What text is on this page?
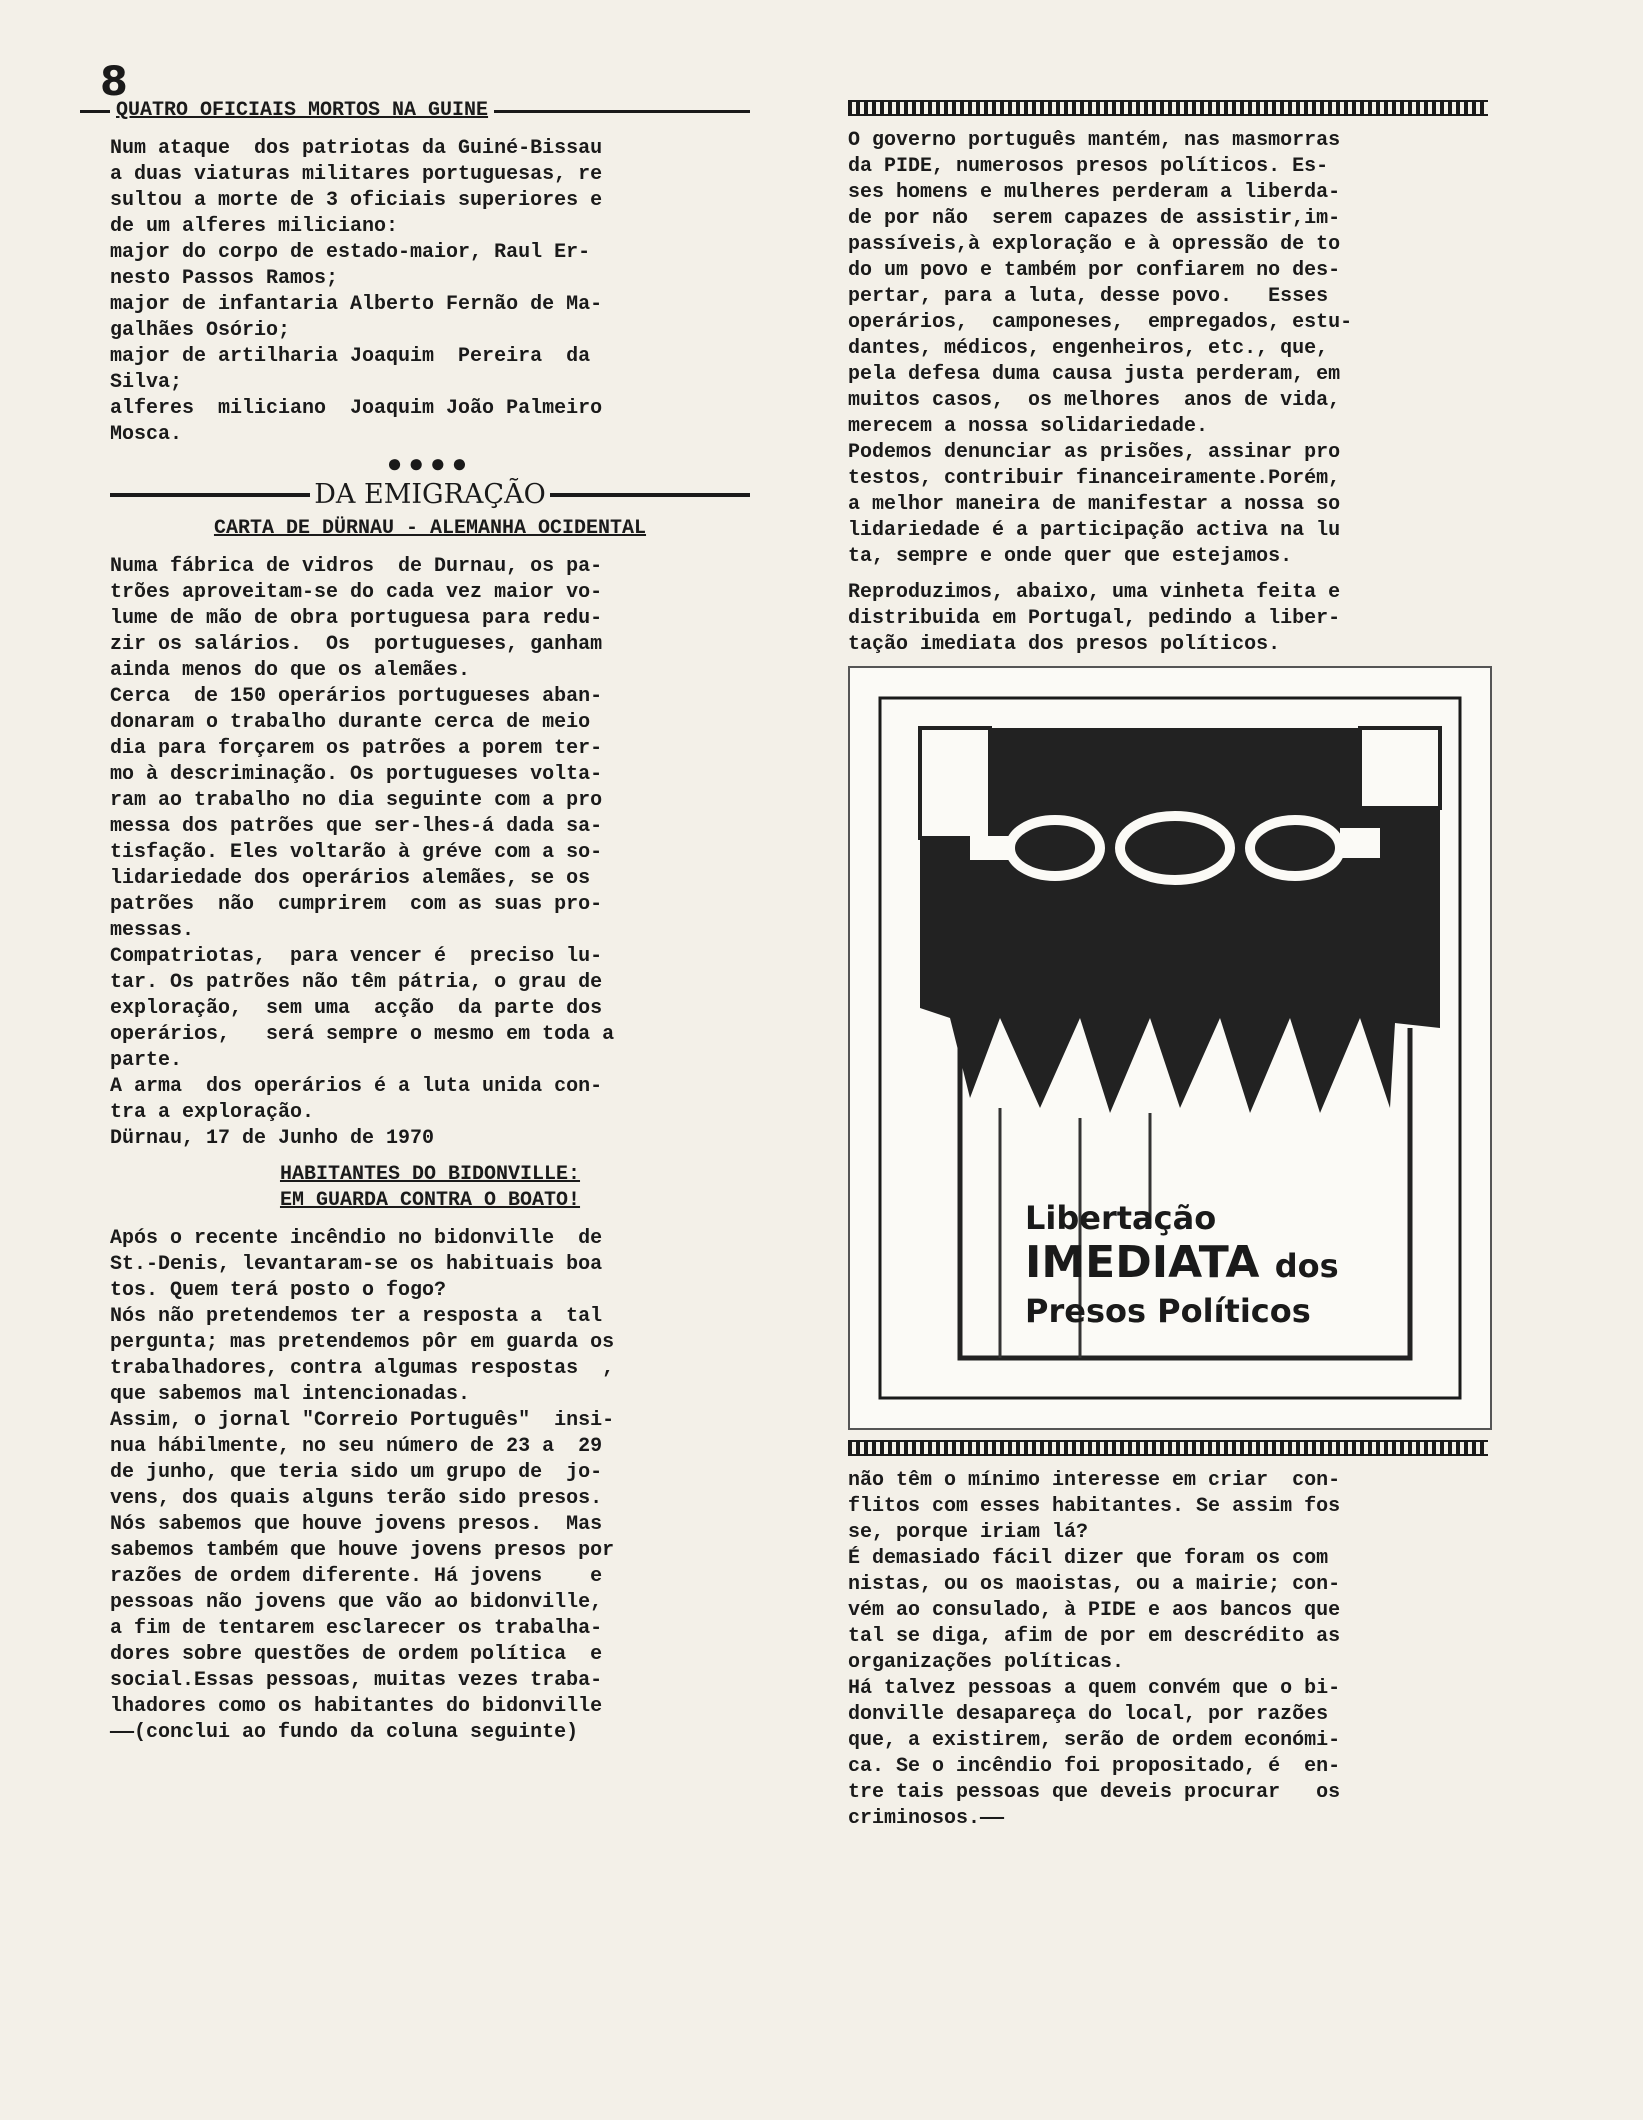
8
QUATRO OFICIAIS MORTOS NA GUINE

Num ataque  dos patriotas da Guiné-Bissau
a duas viaturas militares portuguesas, re
sultou a morte de 3 oficiais superiores e
de um alferes miliciano:
major do corpo de estado-maior, Raul Er-
nesto Passos Ramos;
major de infantaria Alberto Fernão de Ma-
galhães Osório;
major de artilharia Joaquim  Pereira  da
Silva;
alferes  miliciano  Joaquim João Palmeiro
Mosca.

●●●●
DA EMIGRAÇÃO
CARTA DE DÜRNAU - ALEMANHA OCIDENTAL

Numa fábrica de vidros  de Durnau, os pa-
trões aproveitam-se do cada vez maior vo-
lume de mão de obra portuguesa para redu-
zir os salários.  Os  portugueses, ganham
ainda menos do que os alemães.
Cerca  de 150 operários portugueses aban-
donaram o trabalho durante cerca de meio
dia para forçarem os patrões a porem ter-
mo à descriminação. Os portugueses volta-
ram ao trabalho no dia seguinte com a pro
messa dos patrões que ser-lhes-á dada sa-
tisfação. Eles voltarão à gréve com a so-
lidariedade dos operários alemães, se os
patrões  não  cumprirem  com as suas pro-
messas.
Compatriotas,  para vencer é  preciso lu-
tar. Os patrões não têm pátria, o grau de
exploração,  sem uma  acção  da parte dos
operários,   será sempre o mesmo em toda a
parte.
A arma  dos operários é a luta unida con-
tra a exploração.
Dürnau, 17 de Junho de 1970

HABITANTES DO BIDONVILLE:
EM GUARDA CONTRA O BOATO!

Após o recente incêndio no bidonville  de
St.-Denis, levantaram-se os habituais boa
tos. Quem terá posto o fogo?
Nós não pretendemos ter a resposta a  tal
pergunta; mas pretendemos pôr em guarda os
trabalhadores, contra algumas respostas  ,
que sabemos mal intencionadas.
Assim, o jornal "Correio Português"  insi-
nua hábilmente, no seu número de 23 a  29
de junho, que teria sido um grupo de  jo-
vens, dos quais alguns terão sido presos.
Nós sabemos que houve jovens presos.  Mas
sabemos também que houve jovens presos por
razões de ordem diferente. Há jovens    e
pessoas não jovens que vão ao bidonville,
a fim de tentarem esclarecer os trabalha-
dores sobre questões de ordem política  e
social.Essas pessoas, muitas vezes traba-
lhadores como os habitantes do bidonville
——(conclui ao fundo da coluna seguinte)

O governo português mantém, nas masmorras
da PIDE, numerosos presos políticos. Es-
ses homens e mulheres perderam a liberda-
de por não  serem capazes de assistir,im-
passíveis,à exploração e à opressão de to
do um povo e também por confiarem no des-
pertar, para a luta, desse povo.   Esses
operários,  camponeses,  empregados, estu-
dantes, médicos, engenheiros, etc., que,
pela defesa duma causa justa perderam, em
muitos casos,  os melhores  anos de vida,
merecem a nossa solidariedade.
Podemos denunciar as prisões, assinar pro
testos, contribuir financeiramente.Porém,
a melhor maneira de manifestar a nossa so
lidariedade é a participação activa na lu
ta, sempre e onde quer que estejamos.

Reproduzimos, abaixo, uma vinheta feita e
distribuida em Portugal, pedindo a liber-
tação imediata dos presos políticos.

Libertação
IMEDIATA dos
Presos Políticos

não têm o mínimo interesse em criar  con-
flitos com esses habitantes. Se assim fos
se, porque iriam lá?
É demasiado fácil dizer que foram os com
nistas, ou os maoistas, ou a mairie; con-
vém ao consulado, à PIDE e aos bancos que
tal se diga, afim de por em descrédito as
organizações políticas.
Há talvez pessoas a quem convém que o bi-
donville desapareça do local, por razões
que, a existirem, serão de ordem económi-
ca. Se o incêndio foi propositado, é  en-
tre tais pessoas que deveis procurar   os
criminosos.——
